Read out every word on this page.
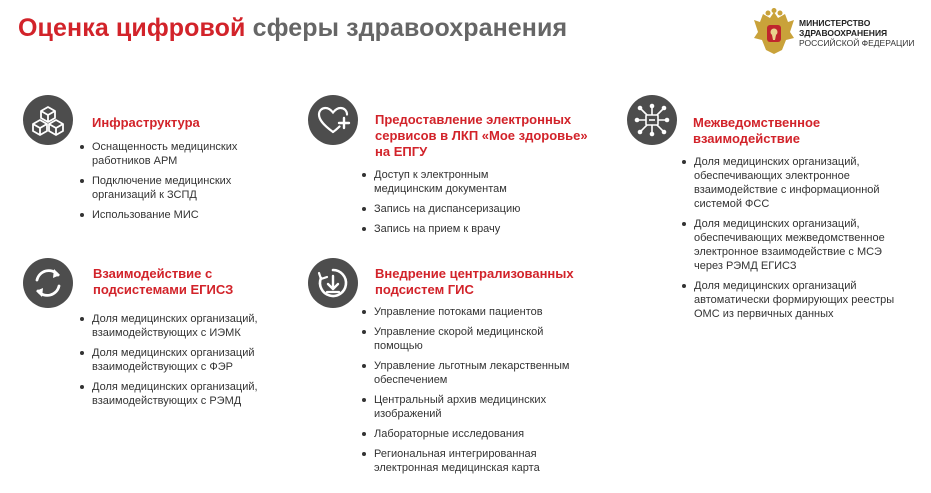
Оценка цифровой сферы здравоохранения	МИНИСТЕРСТВО
ЗДРАВООХРАНЕНИЯ
РОССИЙСКОЙ ФЕДЕРАЦИИ
Инфраструктура
Оснащенность медицинских
работников АРМ
Подключение медицинских
организаций к ЗСПД
Использование МИС
Предоставление электронных
сервисов в ЛКП «Мое здоровье»
на ЕПГУ
Доступ к электронным
медицинским документам
Запись на диспансеризацию
Запись на прием к врачу
Межведомственное
взаимодействие
Доля медицинских организаций,
обеспечивающих электронное
взаимодействие с информационной
системой ФСС
Доля медицинских организаций,
обеспечивающих межведомственное
электронное взаимодействие с МСЭ
через РЭМД ЕГИСЗ
Доля медицинских организаций
автоматически формирующих реестры
ОМС из первичных данных
Взаимодействие с
подсистемами ЕГИСЗ
Доля медицинских организаций,
взаимодействующих с ИЭМК
Доля медицинских организаций
взаимодействующих с ФЭР
Доля медицинских организаций,
взаимодействующих с РЭМД
Внедрение централизованных
подсистем ГИС
Управление потоками пациентов
Управление скорой медицинской
помощью
Управление льготным лекарственным
обеспечением
Центральный архив медицинских
изображений
Лабораторные исследования
Региональная интегрированная
электронная медицинская карта
